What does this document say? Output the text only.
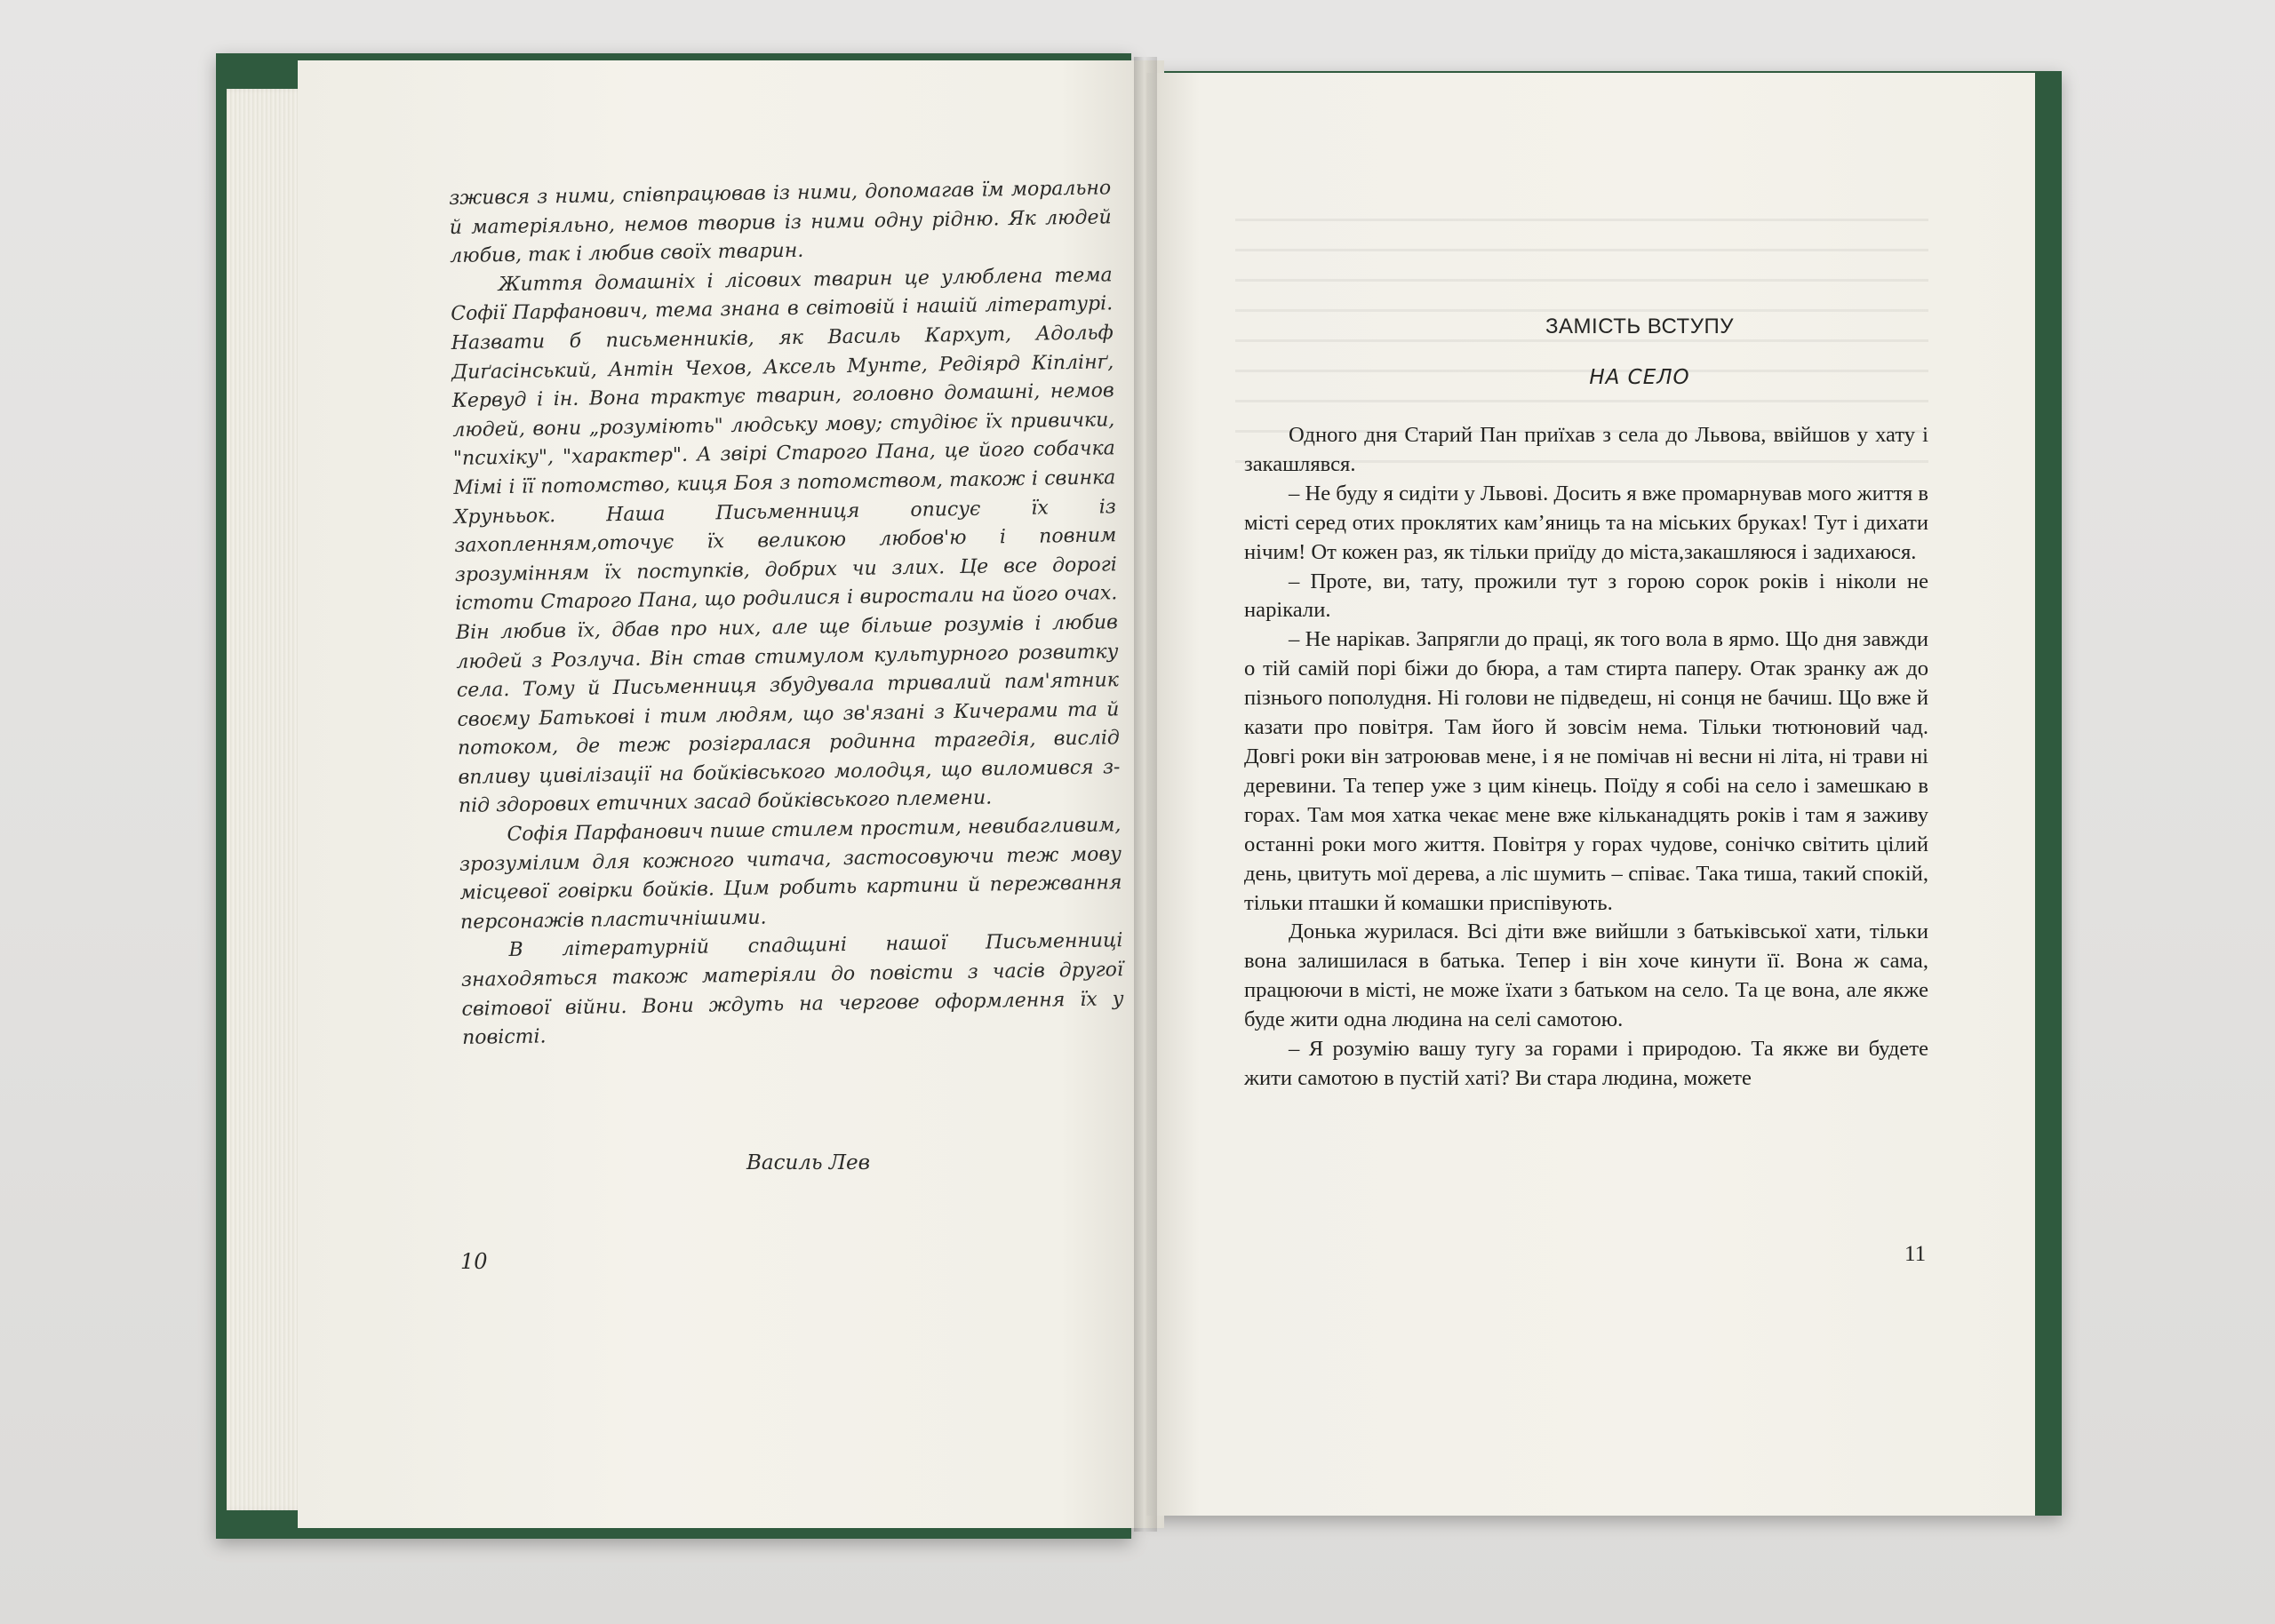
зжився з ними, співпрацював із ними, допомагав їм морально й матеріяльно, немов творив із ними одну рідню. Як людей любив, так і любив своїх тварин.

Життя домашніх і лісових тварин це улюблена тема Софії Парфанович, тема знана в світовій і нашій літературі. Назвати б письменників, як Василь Кархут, Адольф Диґасінський, Антін Чехов, Аксель Мунте, Редіярд Кіплінґ, Кервуд і ін. Вона трактує тварин, головно домашні, немов людей, вони „розуміють" людську мову; студіює їх привички, "психіку", "характер". А звірі Старого Пана, це його собачка Мімі і її потомство, киця Боя з потомством, також і свинка Хрунььок. Наша Письменниця описує їх із захопленням,оточує їх великою любов'ю і повним зрозумінням їх поступків, добрих чи злих. Це все дорогі істоти Старого Пана, що родилися і виростали на його очах. Він любив їх, дбав про них, але ще більше розумів і любив людей з Розлуча. Він став стимулом культурного розвитку села. Тому й Письменниця збудувала тривалий пам'ятник своєму Батькові і тим людям, що зв'язані з Кичерами та й потоком, де теж розігралася родинна трагедія, вислід впливу цивілізації на бойківського молодця, що виломився з-під здорових етичних засад бойківського племени.

Софія Парфанович пише стилем простим, невибагливим, зрозумілим для кожного читача, застосовуючи теж мову місцевої говірки бойків. Цим робить картини й пережвання персонажів пластичнішими.

В літературній спадщині нашої Письменниці знаходяться також матеріяли до повісти з часів другої світової війни. Вони ждуть на черговe оформлення їх у повісті.

Василь Лев
10
ЗАМІСТЬ ВСТУПУ
НА СЕЛО

Одного дня Старий Пан приїхав з села до Львова, ввійшов у хату і закашлявся.

– Не буду я сидіти у Львові. Досить я вже промарнував мого життя в місті серед отих проклятих кам’яниць та на міських бруках! Тут і дихати нічим! От кожен раз, як тільки приїду до міста,закашляюся і задихаюся.

– Проте, ви, тату, прожили тут з горою сорок років і ніколи не нарікали.

– Не нарікав. Запрягли до праці, як того вола в ярмо. Що дня завжди о тій самій порі біжи до бюра, а там стирта паперу. Отак зранку аж до пізнього пополудня. Ні голови не підведеш, ні сонця не бачиш. Що вже й казати про повітря. Там його й зовсім нема. Тільки тютюновий чад. Довгі роки він затроював мене, і я не помічав ні весни ні літа, ні трави ні деревини. Та тепер уже з цим кінець. Поїду я собі на село і замешкаю в горах. Там моя хатка чекає мене вже кільканадцять років і там я заживу останні роки мого життя. Повітря у горах чудове, сонічко світить цілий день, цвитуть мої дерева, а ліс шумить – співає. Така тиша, такий спокій, тільки пташки й комашки приспівують.

Донька журилася. Всі діти вже вийшли з батьківської хати, тільки вона залишилася в батька. Тепер і він хоче кинути її. Вона ж сама, працюючи в місті, не може їхати з батьком на село. Та це вона, але якже буде жити одна людина на селі самотою.

– Я розумію вашу тугу за горами і природою. Та якже ви будете жити самотою в пустій хаті? Ви стара людина, можете

11
